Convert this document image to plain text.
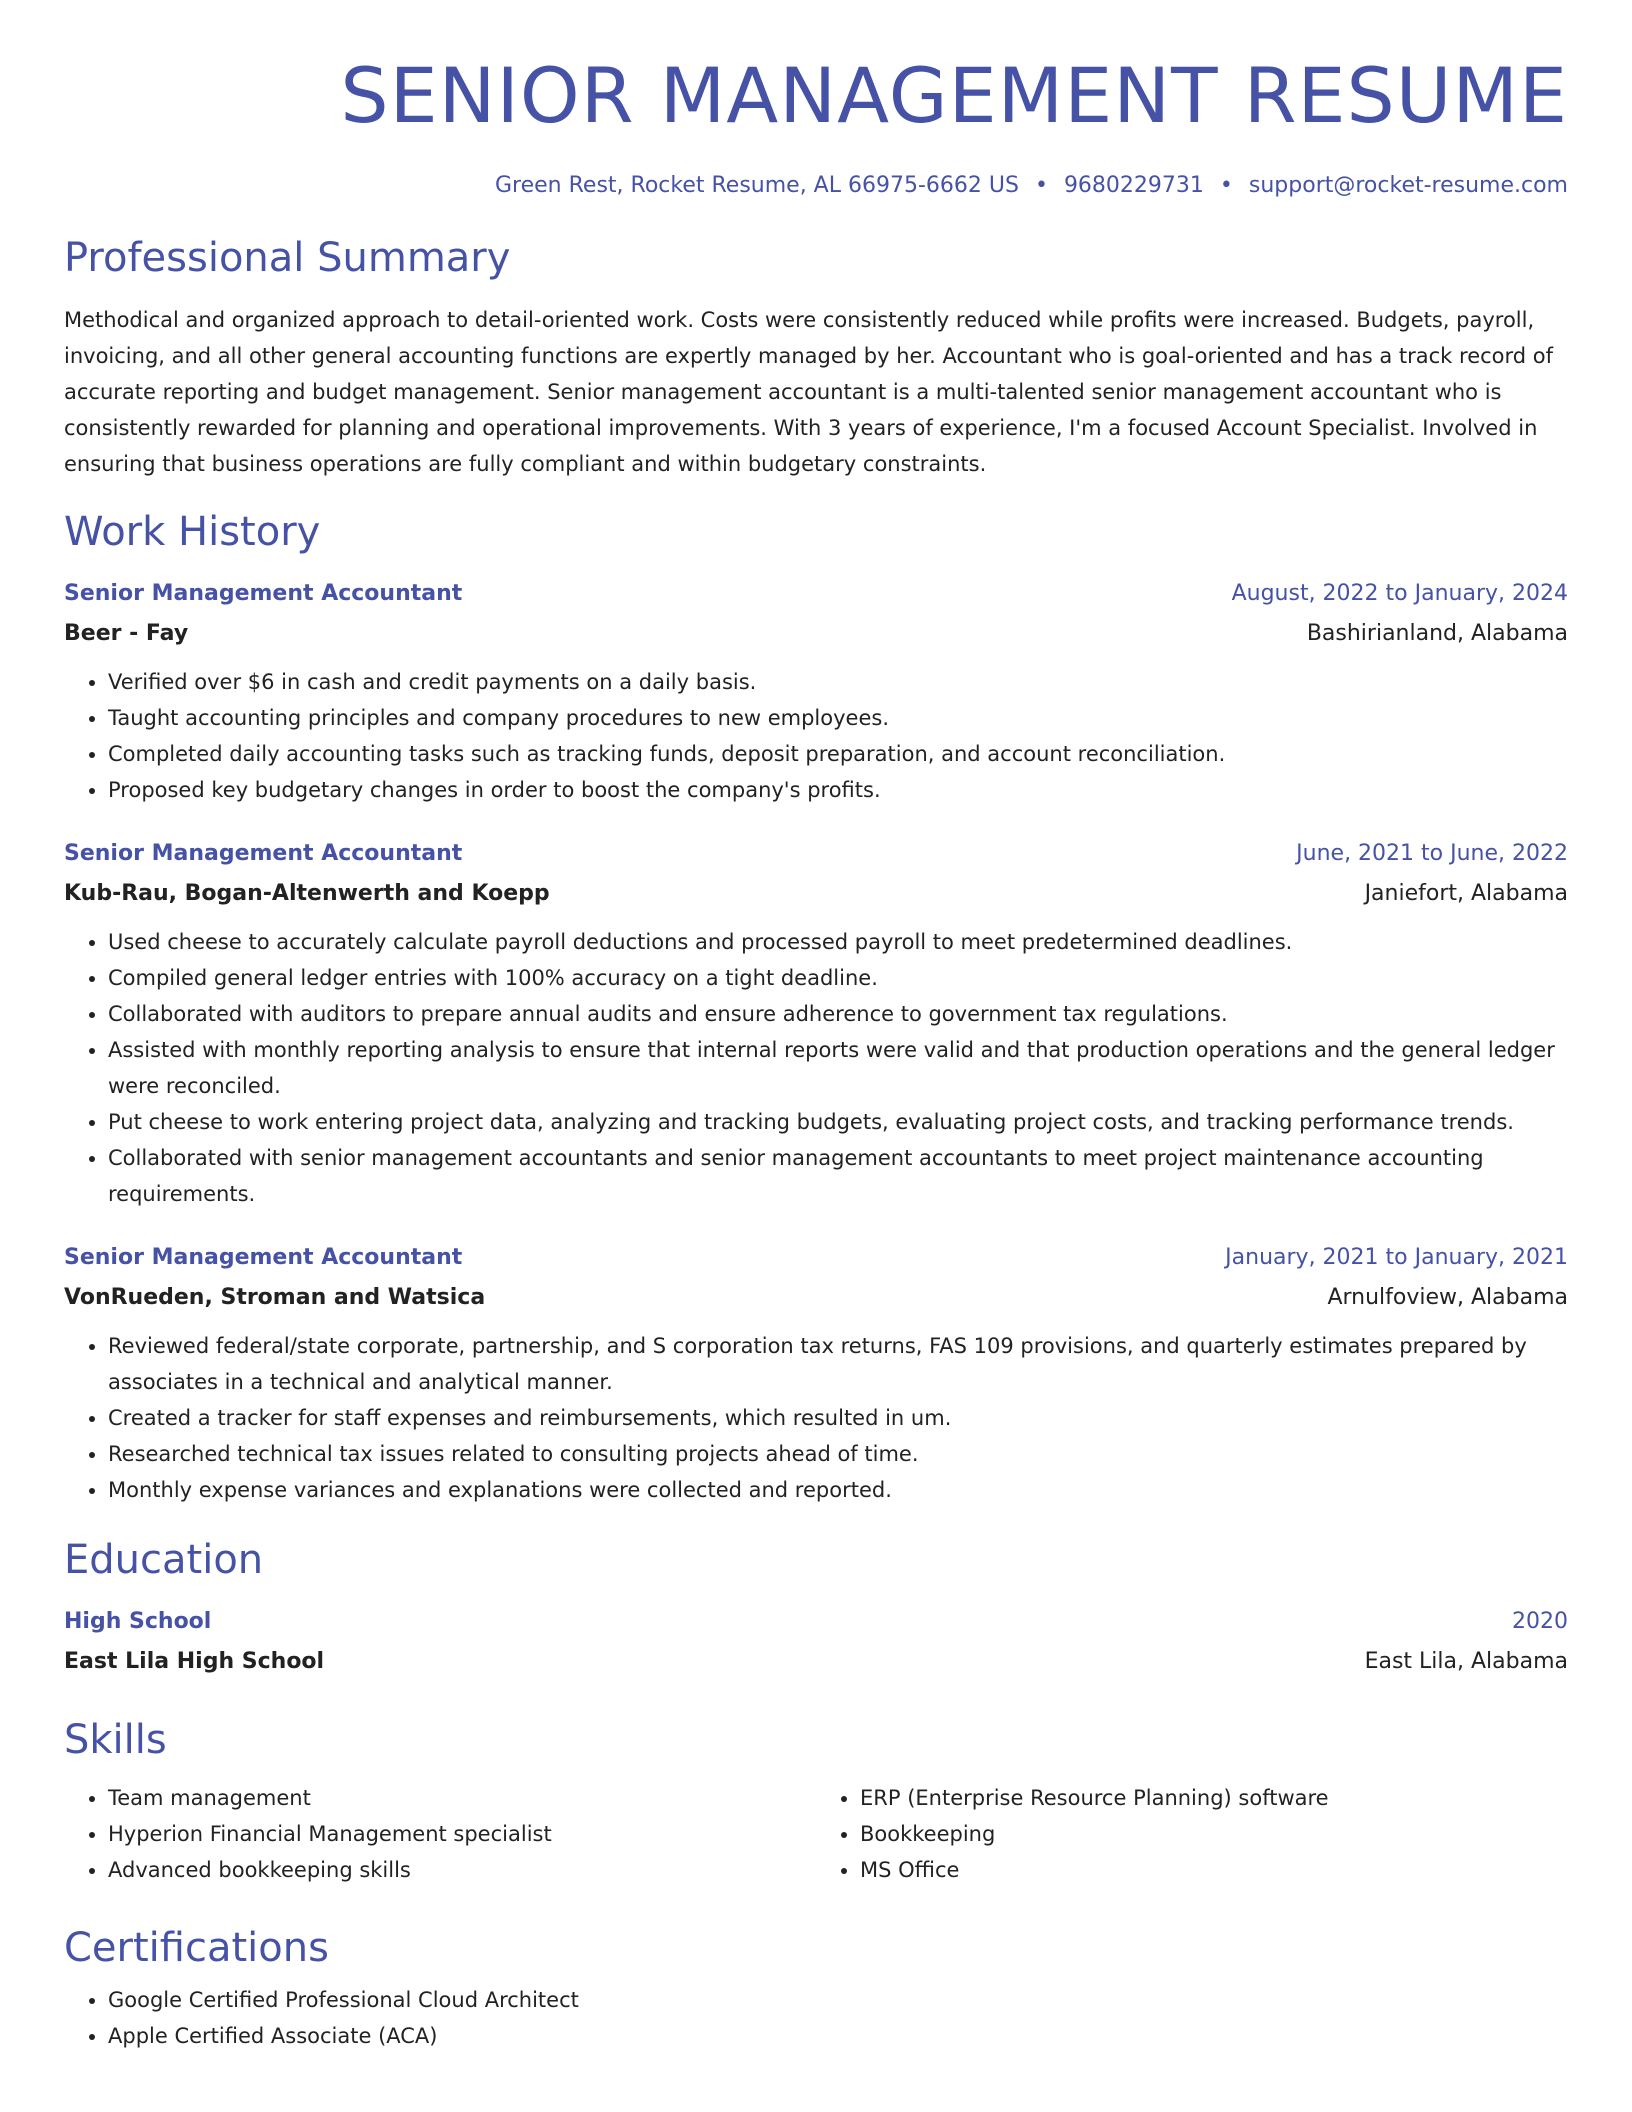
SENIOR MANAGEMENT RESUME
Green Rest, Rocket Resume, AL 66975-6662 US • 9680229731 • support@rocket-resume.com
Professional Summary

Methodical and organized approach to detail-oriented work. Costs were consistently reduced while profits were increased. Budgets, payroll, invoicing, and all other general accounting functions are expertly managed by her. Accountant who is goal-oriented and has a track record of accurate reporting and budget management. Senior management accountant is a multi-talented senior management accountant who is consistently rewarded for planning and operational improvements. With 3 years of experience, I'm a focused Account Specialist. Involved in ensuring that business operations are fully compliant and within budgetary constraints.

Work History
Senior Management Accountant	August, 2022 to January, 2024
Beer - Fay	Bashirianland, Alabama
• Verified over $6 in cash and credit payments on a daily basis.
• Taught accounting principles and company procedures to new employees.
• Completed daily accounting tasks such as tracking funds, deposit preparation, and account reconciliation.
• Proposed key budgetary changes in order to boost the company's profits.
Senior Management Accountant	June, 2021 to June, 2022
Kub-Rau, Bogan-Altenwerth and Koepp	Janiefort, Alabama
• Used cheese to accurately calculate payroll deductions and processed payroll to meet predetermined deadlines.
• Compiled general ledger entries with 100% accuracy on a tight deadline.
• Collaborated with auditors to prepare annual audits and ensure adherence to government tax regulations.
• Assisted with monthly reporting analysis to ensure that internal reports were valid and that production operations and the general ledger were reconciled.
• Put cheese to work entering project data, analyzing and tracking budgets, evaluating project costs, and tracking performance trends.
• Collaborated with senior management accountants and senior management accountants to meet project maintenance accounting requirements.
Senior Management Accountant	January, 2021 to January, 2021
VonRueden, Stroman and Watsica	Arnulfoview, Alabama
• Reviewed federal/state corporate, partnership, and S corporation tax returns, FAS 109 provisions, and quarterly estimates prepared by associates in a technical and analytical manner.
• Created a tracker for staff expenses and reimbursements, which resulted in um.
• Researched technical tax issues related to consulting projects ahead of time.
• Monthly expense variances and explanations were collected and reported.
Education
High School	2020
East Lila High School	East Lila, Alabama
Skills
• Team management
• Hyperion Financial Management specialist
• Advanced bookkeeping skills
• ERP (Enterprise Resource Planning) software
• Bookkeeping
• MS Office
Certifications
• Google Certified Professional Cloud Architect
• Apple Certified Associate (ACA)
